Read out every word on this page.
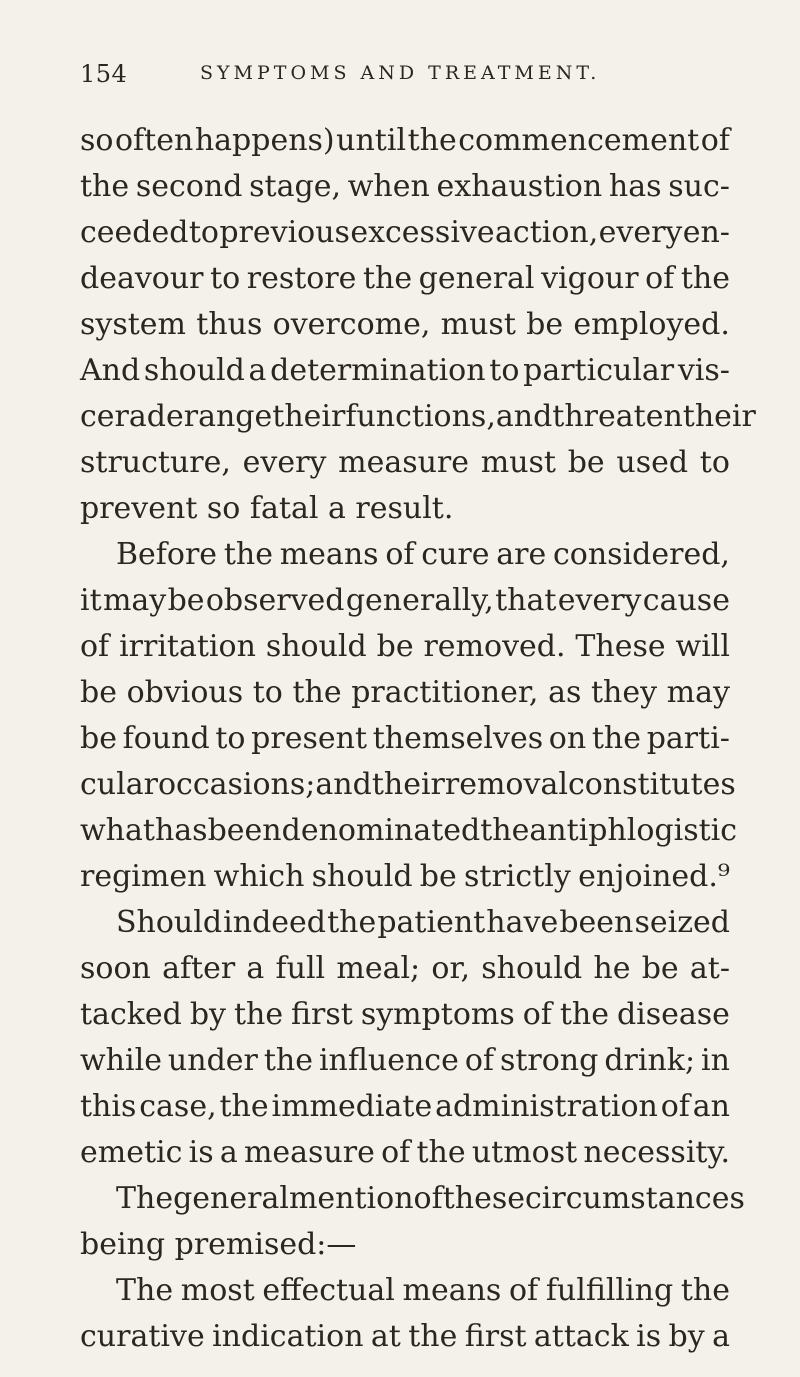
154	SYMPTOMS AND TREATMENT.
so often happens) until the commencement of
the second stage, when exhaustion has suc-
ceeded to previous excessive action, every en-
deavour to restore the general vigour of the
system thus overcome, must be employed.
And should a determination to particular vis-
cera derange their functions, and threaten their
structure, every measure must be used to
prevent so fatal a result.
Before the means of cure are considered,
it may be observed generally, that every cause
of irritation should be removed. These will
be obvious to the practitioner, as they may
be found to present themselves on the parti-
cular occasions ; and their removal constitutes
what has been denominated the antiphlogistic
regimen which should be strictly enjoined.⁹
Should indeed the patient have been seized
soon after a full meal; or, should he be at-
tacked by the first symptoms of the disease
while under the influence of strong drink; in
this case, the immediate administration of an
emetic is a measure of the utmost necessity.
The general mention of these circumstances
being premised:—
The most effectual means of fulfilling the
curative indication at the first attack is by a
